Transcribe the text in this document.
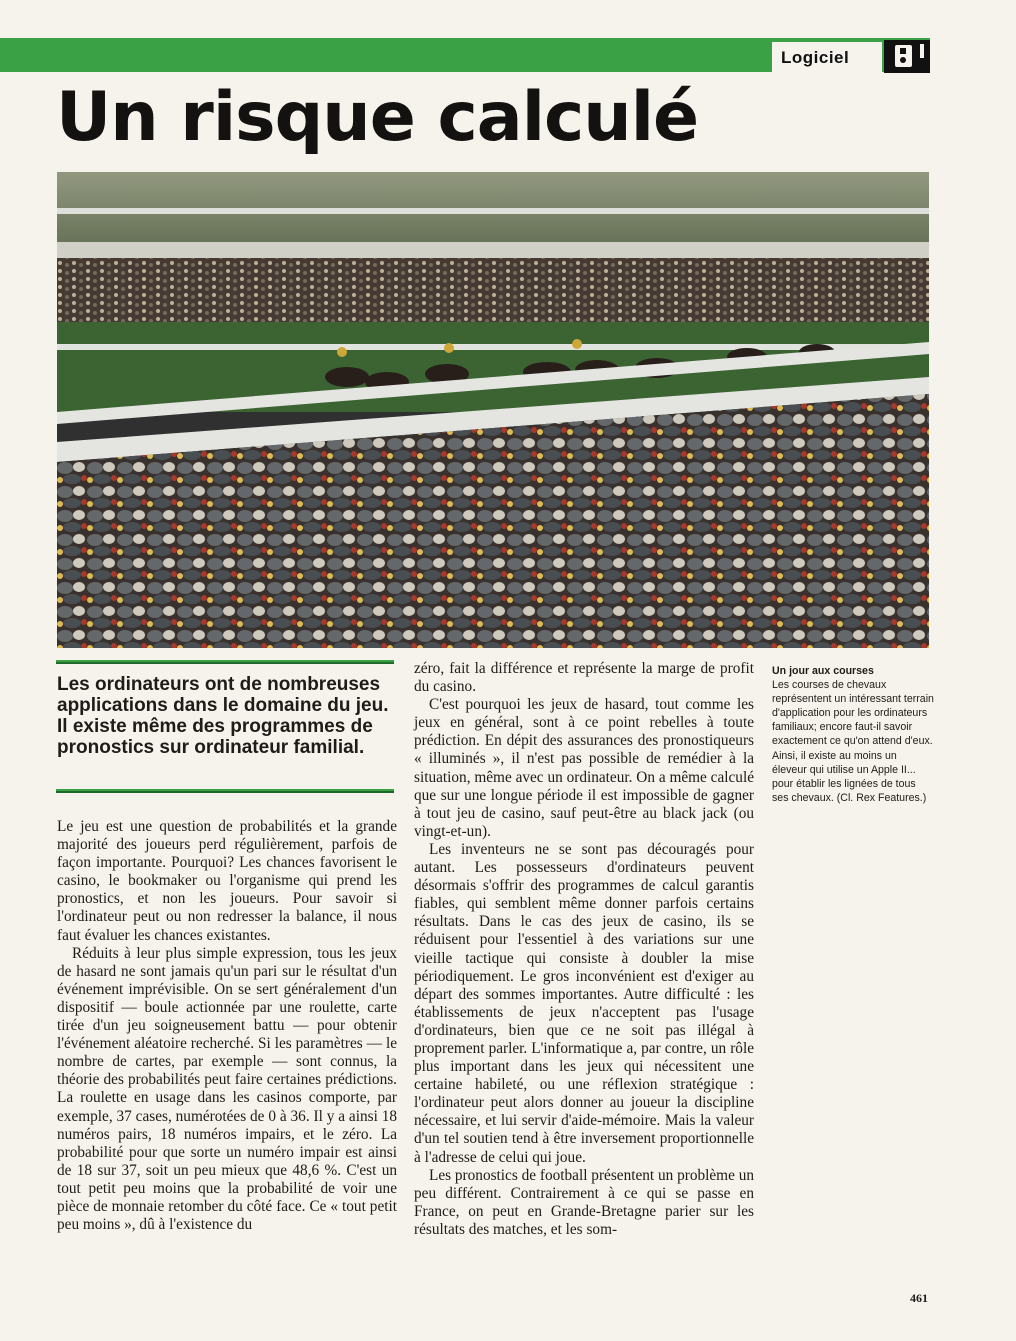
Logiciel
Un risque calculé

Les ordinateurs ont de nombreuses applications dans le domaine du jeu. Il existe même des programmes de pronostics sur ordinateur familial.

Le jeu est une question de probabilités et la grande majorité des joueurs perd régulièrement, parfois de façon importante. Pourquoi? Les chances favorisent le casino, le bookmaker ou l'organisme qui prend les pronostics, et non les joueurs. Pour savoir si l'ordinateur peut ou non redresser la balance, il nous faut évaluer les chances existantes.

Réduits à leur plus simple expression, tous les jeux de hasard ne sont jamais qu'un pari sur le résultat d'un événement imprévisible. On se sert généralement d'un dispositif — boule actionnée par une roulette, carte tirée d'un jeu soigneusement battu — pour obtenir l'événement aléatoire recherché. Si les paramètres — le nombre de cartes, par exemple — sont connus, la théorie des probabilités peut faire certaines prédictions. La roulette en usage dans les casinos comporte, par exemple, 37 cases, numérotées de 0 à 36. Il y a ainsi 18 numéros pairs, 18 numéros impairs, et le zéro. La probabilité pour que sorte un numéro impair est ainsi de 18 sur 37, soit un peu mieux que 48,6 %. C'est un tout petit peu moins que la probabilité de voir une pièce de monnaie retomber du côté face. Ce « tout petit peu moins », dû à l'existence du

zéro, fait la différence et représente la marge de profit du casino.

C'est pourquoi les jeux de hasard, tout comme les jeux en général, sont à ce point rebelles à toute prédiction. En dépit des assurances des pronostiqueurs « illuminés », il n'est pas possible de remédier à la situation, même avec un ordinateur. On a même calculé que sur une longue période il est impossible de gagner à tout jeu de casino, sauf peut-être au black jack (ou vingt-et-un).

Les inventeurs ne se sont pas découragés pour autant. Les possesseurs d'ordinateurs peuvent désormais s'offrir des programmes de calcul garantis fiables, qui semblent même donner parfois certains résultats. Dans le cas des jeux de casino, ils se réduisent pour l'essentiel à des variations sur une vieille tactique qui consiste à doubler la mise périodiquement. Le gros inconvénient est d'exiger au départ des sommes importantes. Autre difficulté : les établissements de jeux n'acceptent pas l'usage d'ordinateurs, bien que ce ne soit pas illégal à proprement parler. L'informatique a, par contre, un rôle plus important dans les jeux qui nécessitent une certaine habileté, ou une réflexion stratégique : l'ordinateur peut alors donner au joueur la discipline nécessaire, et lui servir d'aide-mémoire. Mais la valeur d'un tel soutien tend à être inversement proportionnelle à l'adresse de celui qui joue.

Les pronostics de football présentent un problème un peu différent. Contrairement à ce qui se passe en France, on peut en Grande-Bretagne parier sur les résultats des matches, et les som-

Un jour aux courses
Les courses de chevaux représentent un intéressant terrain d'application pour les ordinateurs familiaux; encore faut-il savoir exactement ce qu'on attend d'eux. Ainsi, il existe au moins un éleveur qui utilise un Apple II... pour établir les lignées de tous ses chevaux. (Cl. Rex Features.)
461
